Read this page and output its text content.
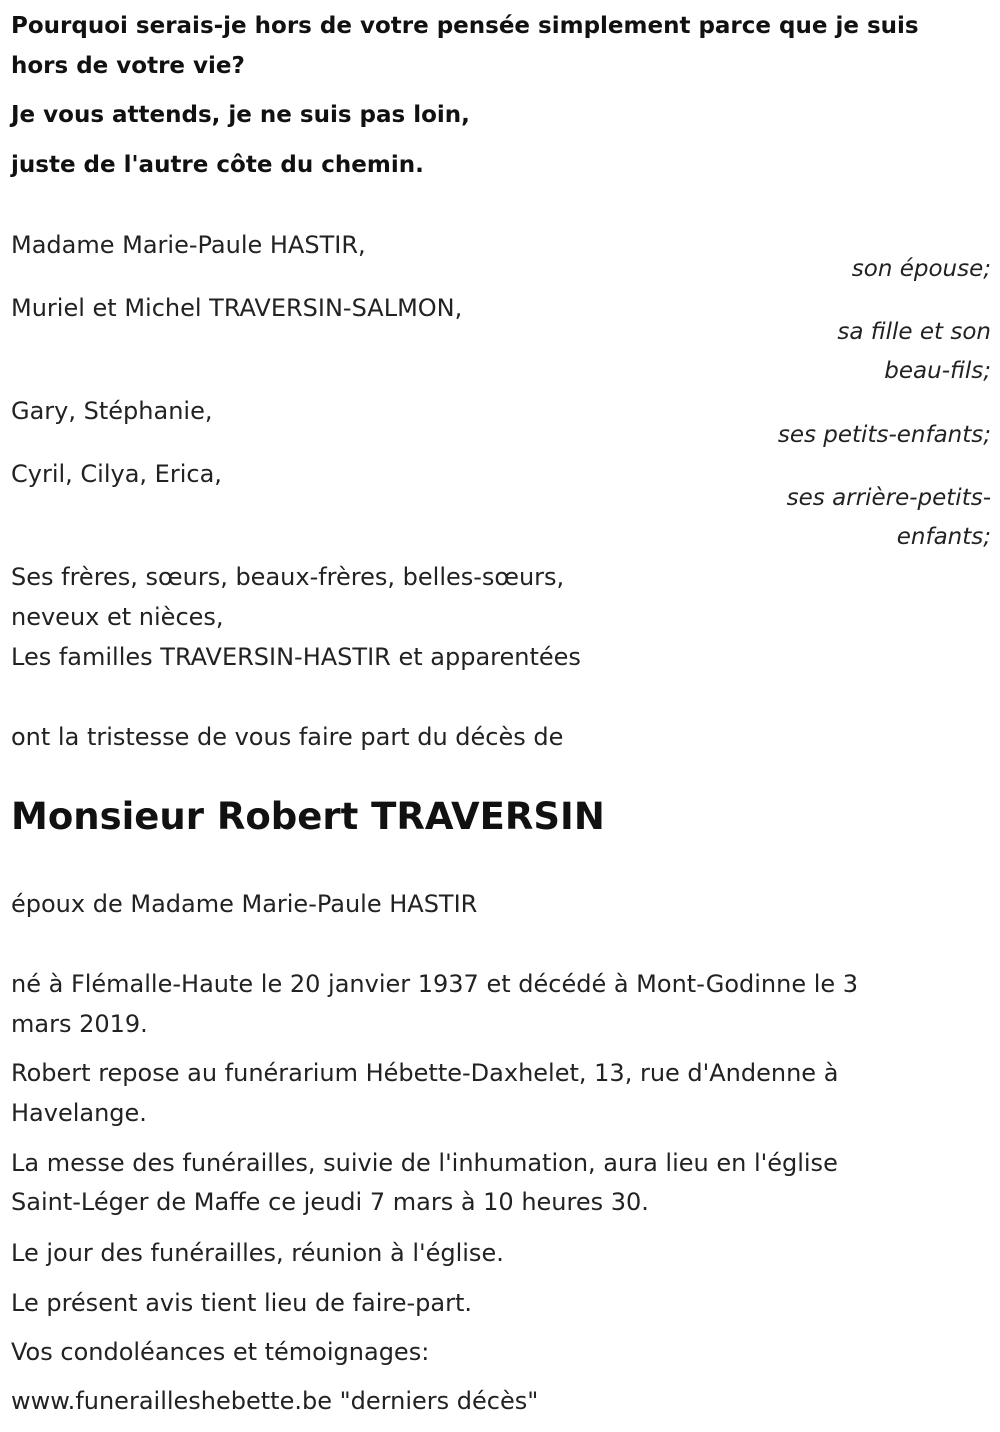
Pourquoi serais-je hors de votre pensée simplement parce que je suis

hors de votre vie?

Je vous attends, je ne suis pas loin,

juste de l'autre côte du chemin.

Madame Marie-Paule HASTIR,

son épouse;

Muriel et Michel TRAVERSIN-SALMON,

sa fille et son

beau-fils;

Gary, Stéphanie,

ses petits-enfants;

Cyril, Cilya, Erica,

ses arrière-petits-

enfants;

Ses frères, sœurs, beaux-frères, belles-sœurs,

neveux et nièces,

Les familles TRAVERSIN-HASTIR et apparentées

ont la tristesse de vous faire part du décès de

Monsieur Robert TRAVERSIN

époux de Madame Marie-Paule HASTIR

né à Flémalle-Haute le 20 janvier 1937 et décédé à Mont-Godinne le 3

mars 2019.

Robert repose au funérarium Hébette-Daxhelet, 13, rue d'Andenne à

Havelange.

La messe des funérailles, suivie de l'inhumation, aura lieu en l'église

Saint-Léger de Maffe ce jeudi 7 mars à 10 heures 30.

Le jour des funérailles, réunion à l'église.

Le présent avis tient lieu de faire-part.

Vos condoléances et témoignages:

www.funerailleshebette.be "derniers décès"
